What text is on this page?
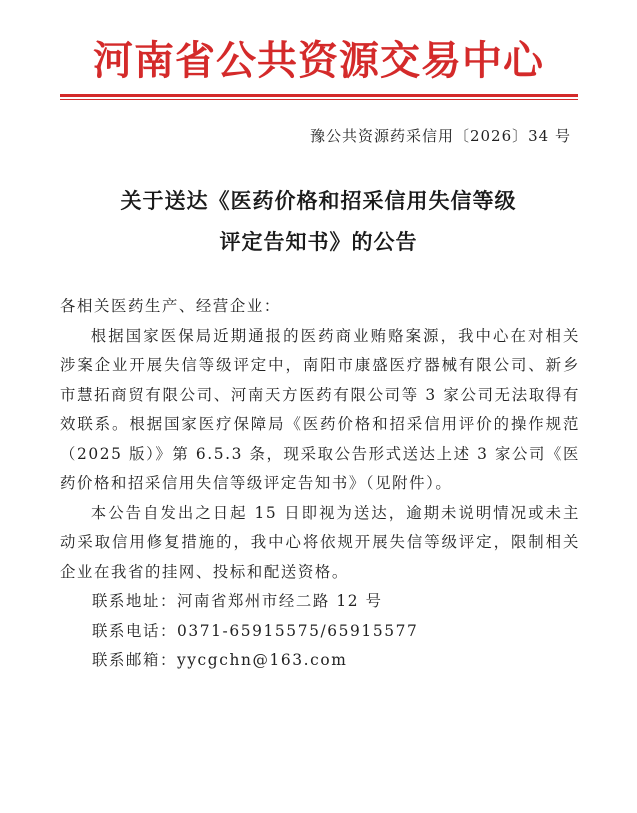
河南省公共资源交易中心
豫公共资源药采信用〔2026〕34 号
关于送达《医药价格和招采信用失信等级
评定告知书》的公告

各相关医药生产、经营企业：

根据国家医保局近期通报的医药商业贿赂案源，我中心在对相关涉案企业开展失信等级评定中，南阳市康盛医疗器械有限公司、新乡市慧拓商贸有限公司、河南天方医药有限公司等 3 家公司无法取得有效联系。根据国家医疗保障局《医药价格和招采信用评价的操作规范（2025 版）》第 6.5.3 条，现采取公告形式送达上述 3 家公司《医药价格和招采信用失信等级评定告知书》（见附件）。

本公告自发出之日起 15 日即视为送达，逾期未说明情况或未主动采取信用修复措施的，我中心将依规开展失信等级评定，限制相关企业在我省的挂网、投标和配送资格。

联系地址：河南省郑州市经二路 12 号

联系电话：0371-65915575/65915577

联系邮箱：yycgchn@163.com
